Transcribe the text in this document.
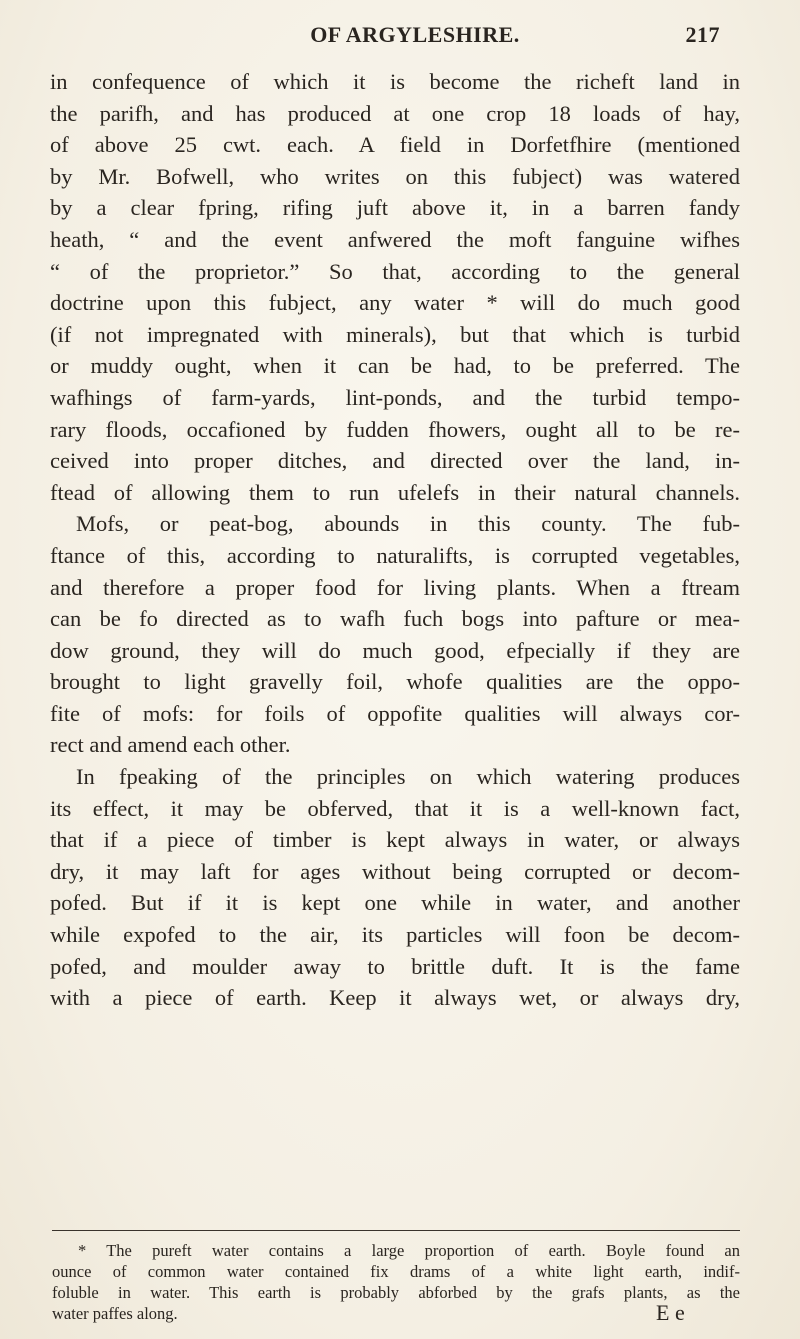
OF ARGYLESHIRE.	217
in confequence of which it is become the richeft land in
the parifh, and has produced at one crop 18 loads of hay,
of above 25 cwt. each. A field in Dorfetfhire (mentioned
by Mr. Bofwell, who writes on this fubject) was watered
by a clear fpring, rifing juft above it, in a barren fandy
heath, “ and the event anfwered the moft fanguine wifhes
“ of the proprietor.” So that, according to the general
doctrine upon this fubject, any water * will do much good
(if not impregnated with minerals), but that which is turbid
or muddy ought, when it can be had, to be preferred. The
wafhings of farm-yards, lint-ponds, and the turbid tempo-
rary floods, occafioned by fudden fhowers, ought all to be re-
ceived into proper ditches, and directed over the land, in-
ftead of allowing them to run ufelefs in their natural channels.
Mofs, or peat-bog, abounds in this county. The fub-
ftance of this, according to naturalifts, is corrupted vegetables,
and therefore a proper food for living plants. When a ftream
can be fo directed as to wafh fuch bogs into pafture or mea-
dow ground, they will do much good, efpecially if they are
brought to light gravelly foil, whofe qualities are the oppo-
fite of mofs: for foils of oppofite qualities will always cor-
rect and amend each other.
In fpeaking of the principles on which watering produces
its effect, it may be obferved, that it is a well-known fact,
that if a piece of timber is kept always in water, or always
dry, it may laft for ages without being corrupted or decom-
pofed. But if it is kept one while in water, and another
while expofed to the air, its particles will foon be decom-
pofed, and moulder away to brittle duft. It is the fame
with a piece of earth. Keep it always wet, or always dry,
* The pureft water contains a large proportion of earth. Boyle found an
ounce of common water contained fix drams of a white light earth, indif-
foluble in water. This earth is probably abforbed by the grafs plants, as the
water paffes along.	E e
